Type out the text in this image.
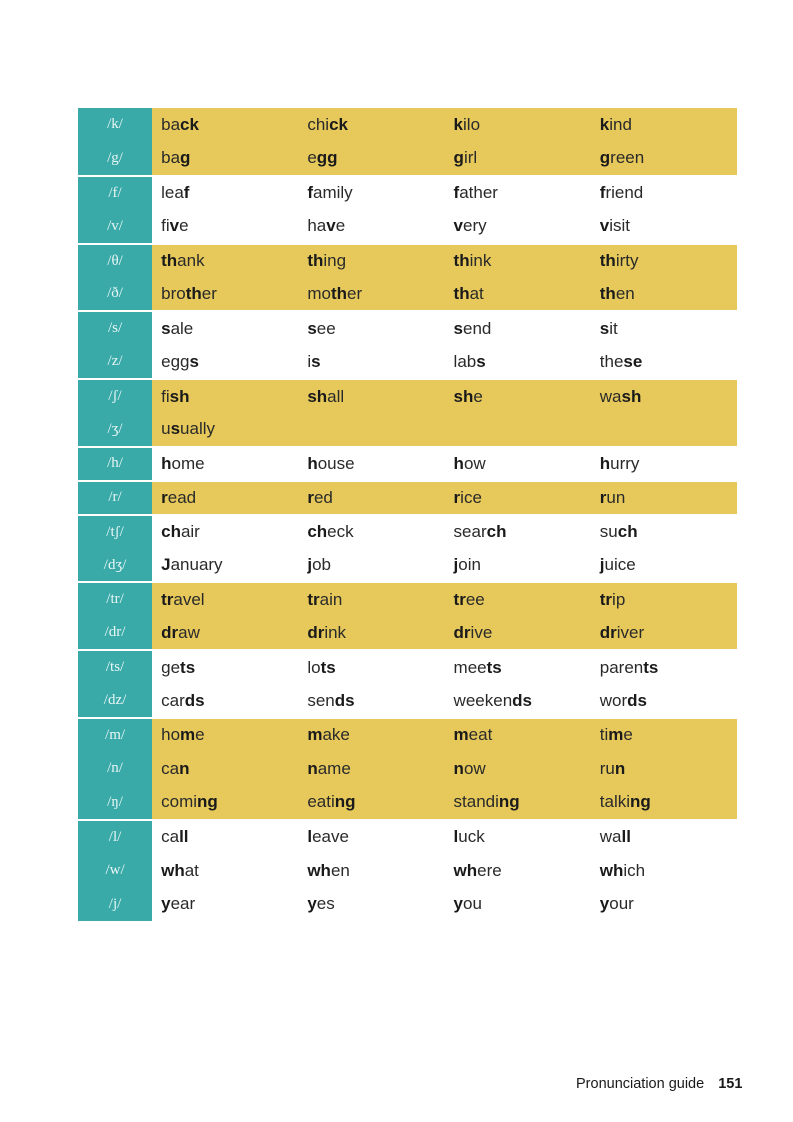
/k/	back	chick	kilo	kind
/g/	bag	egg	girl	green
/f/	leaf	family	father	friend
/v/	five	have	very	visit
/θ/	thank	thing	think	thirty
/ð/	brother	mother	that	then
/s/	sale	see	send	sit
/z/	eggs	is	labs	these
/ʃ/	fish	shall	she	wash
/ʒ/	usually			
/h/	home	house	how	hurry
/r/	read	red	rice	run
/tʃ/	chair	check	search	such
/dʒ/	January	job	join	juice
/tr/	travel	train	tree	trip
/dr/	draw	drink	drive	driver
/ts/	gets	lots	meets	parents
/dz/	cards	sends	weekends	words
/m/	home	make	meat	time
/n/	can	name	now	run
/ŋ/	coming	eating	standing	talking
/l/	call	leave	luck	wall
/w/	what	when	where	which
/j/	year	yes	you	your
Pronunciation guide 151
